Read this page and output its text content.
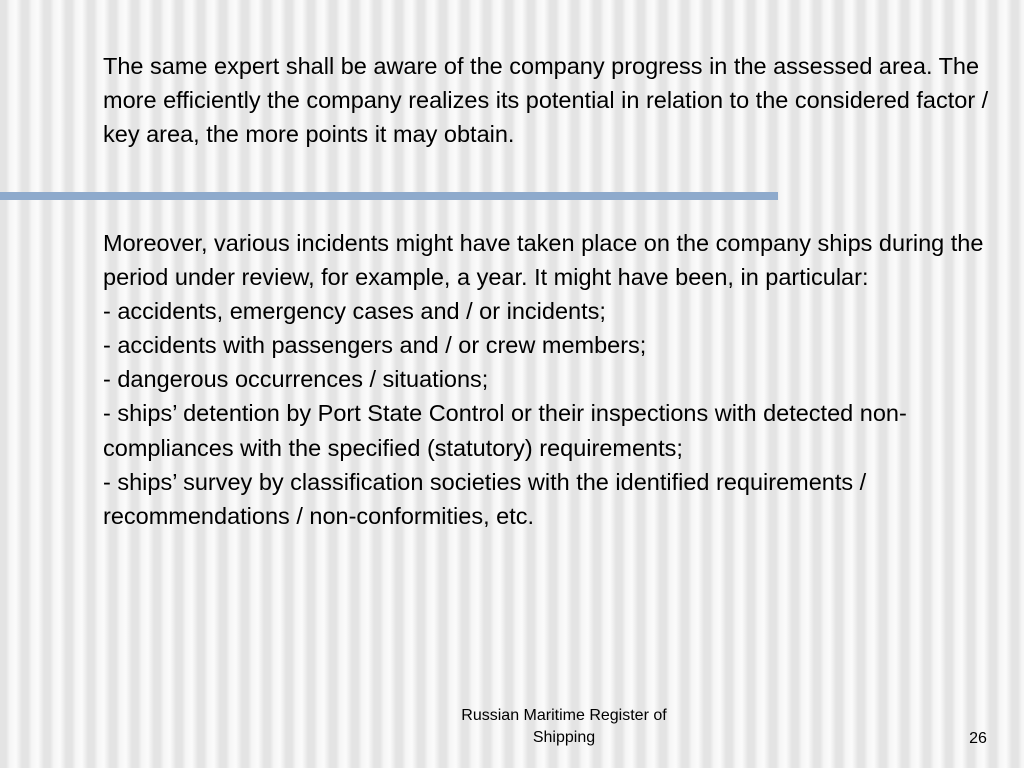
The same expert shall be aware of the company progress in the assessed area. The more efficiently the company realizes its potential in relation to the considered factor / key area, the more points it may obtain.

Moreover, various incidents might have taken place on the company ships during the period under review, for example, a year. It might have been, in particular:
- accidents, emergency cases and / or incidents;
- accidents with passengers and / or crew members;
- dangerous occurrences / situations;
- ships’ detention by Port State Control or their inspections with detected non-compliances with the specified (statutory) requirements;
- ships’ survey by classification societies with the identified requirements / recommendations / non-conformities, etc.

Russian Maritime Register of
Shipping	26
